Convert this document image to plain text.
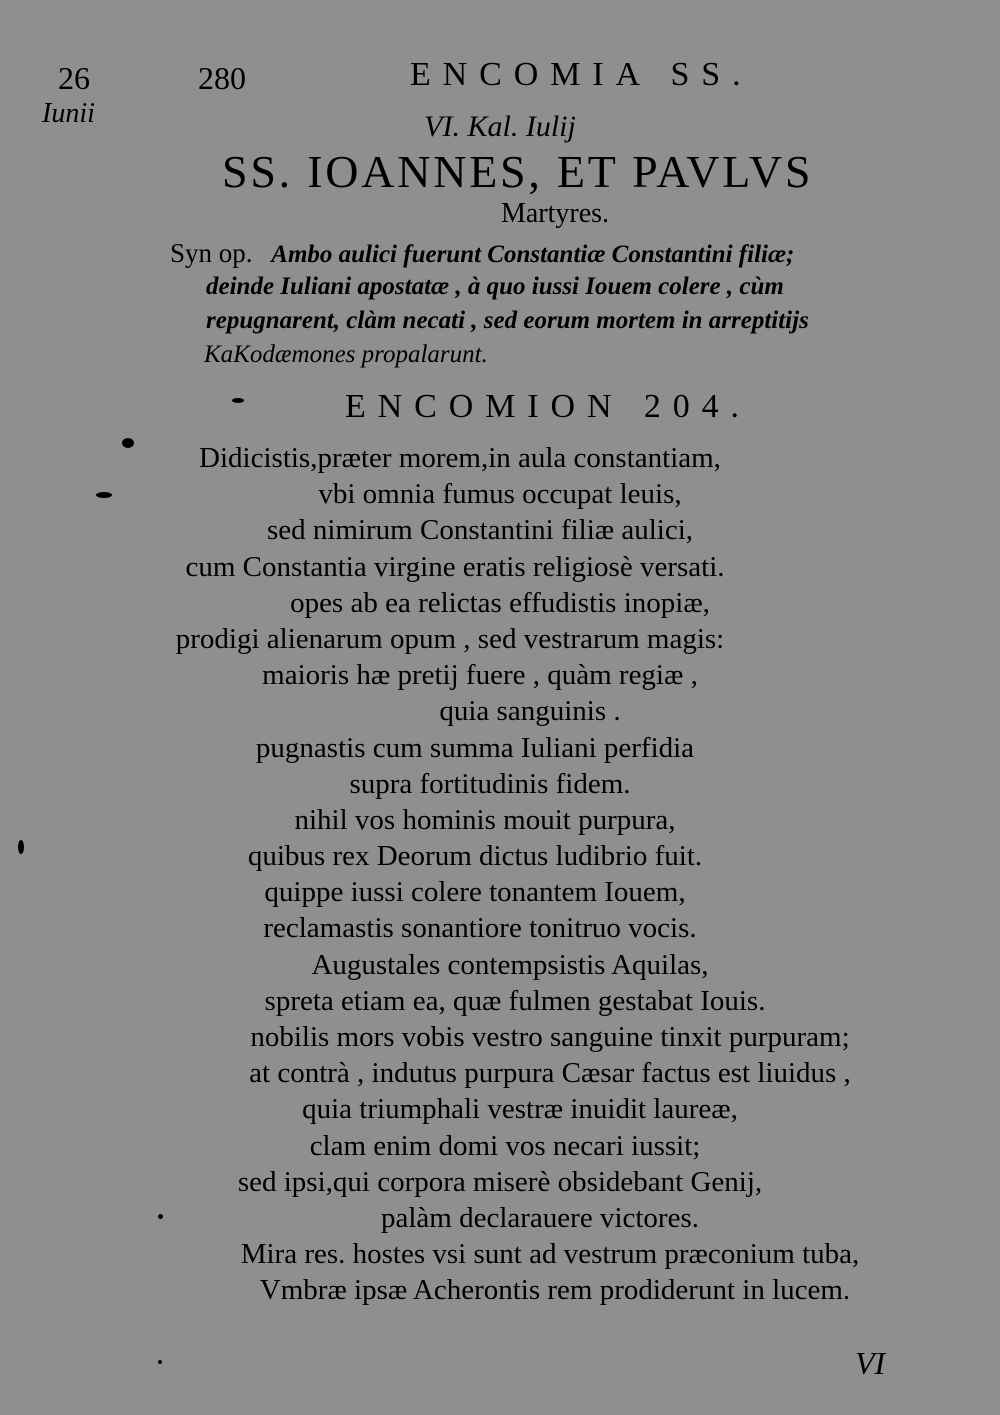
26
Iunii
280	ENCOMIA SS.
VI. Kal. Iulij
SS. IOANNES, ET PAVLVS
Martyres.
Syn op. Ambo aulici fuerunt Constantiæ Constantini filiæ;
deinde Iuliani apostatæ , à quo iussi Iouem colere , cùm
repugnarent, clàm necati , sed eorum mortem in arreptitijs
KaKodæmones propalarunt.
ENCOMION 204.
Didicistis,præter morem,in aula constantiam,
vbi omnia fumus occupat leuis,
sed nimirum Constantini filiæ aulici,
cum Constantia virgine eratis religiosè versati.
opes ab ea relictas effudistis inopiæ,
prodigi alienarum opum , sed vestrarum magis:
maioris hæ pretij fuere , quàm regiæ ,
quia sanguinis .
pugnastis cum summa Iuliani perfidia
supra fortitudinis fidem.
nihil vos hominis mouit purpura,
quibus rex Deorum dictus ludibrio fuit.
quippe iussi colere tonantem Iouem,
reclamastis sonantiore tonitruo vocis.
Augustales contempsistis Aquilas,
spreta etiam ea, quæ fulmen gestabat Iouis.
nobilis mors vobis vestro sanguine tinxit purpuram;
at contrà , indutus purpura Cæsar factus est liuidus ,
quia triumphali vestræ inuidit laureæ,
clam enim domi vos necari iussit;
sed ipsi,qui corpora miserè obsidebant Genij,
palàm declarauere victores.
Mira res. hostes vsi sunt ad vestrum præconium tuba,
Vmbræ ipsæ Acherontis rem prodiderunt in lucem.
VI
